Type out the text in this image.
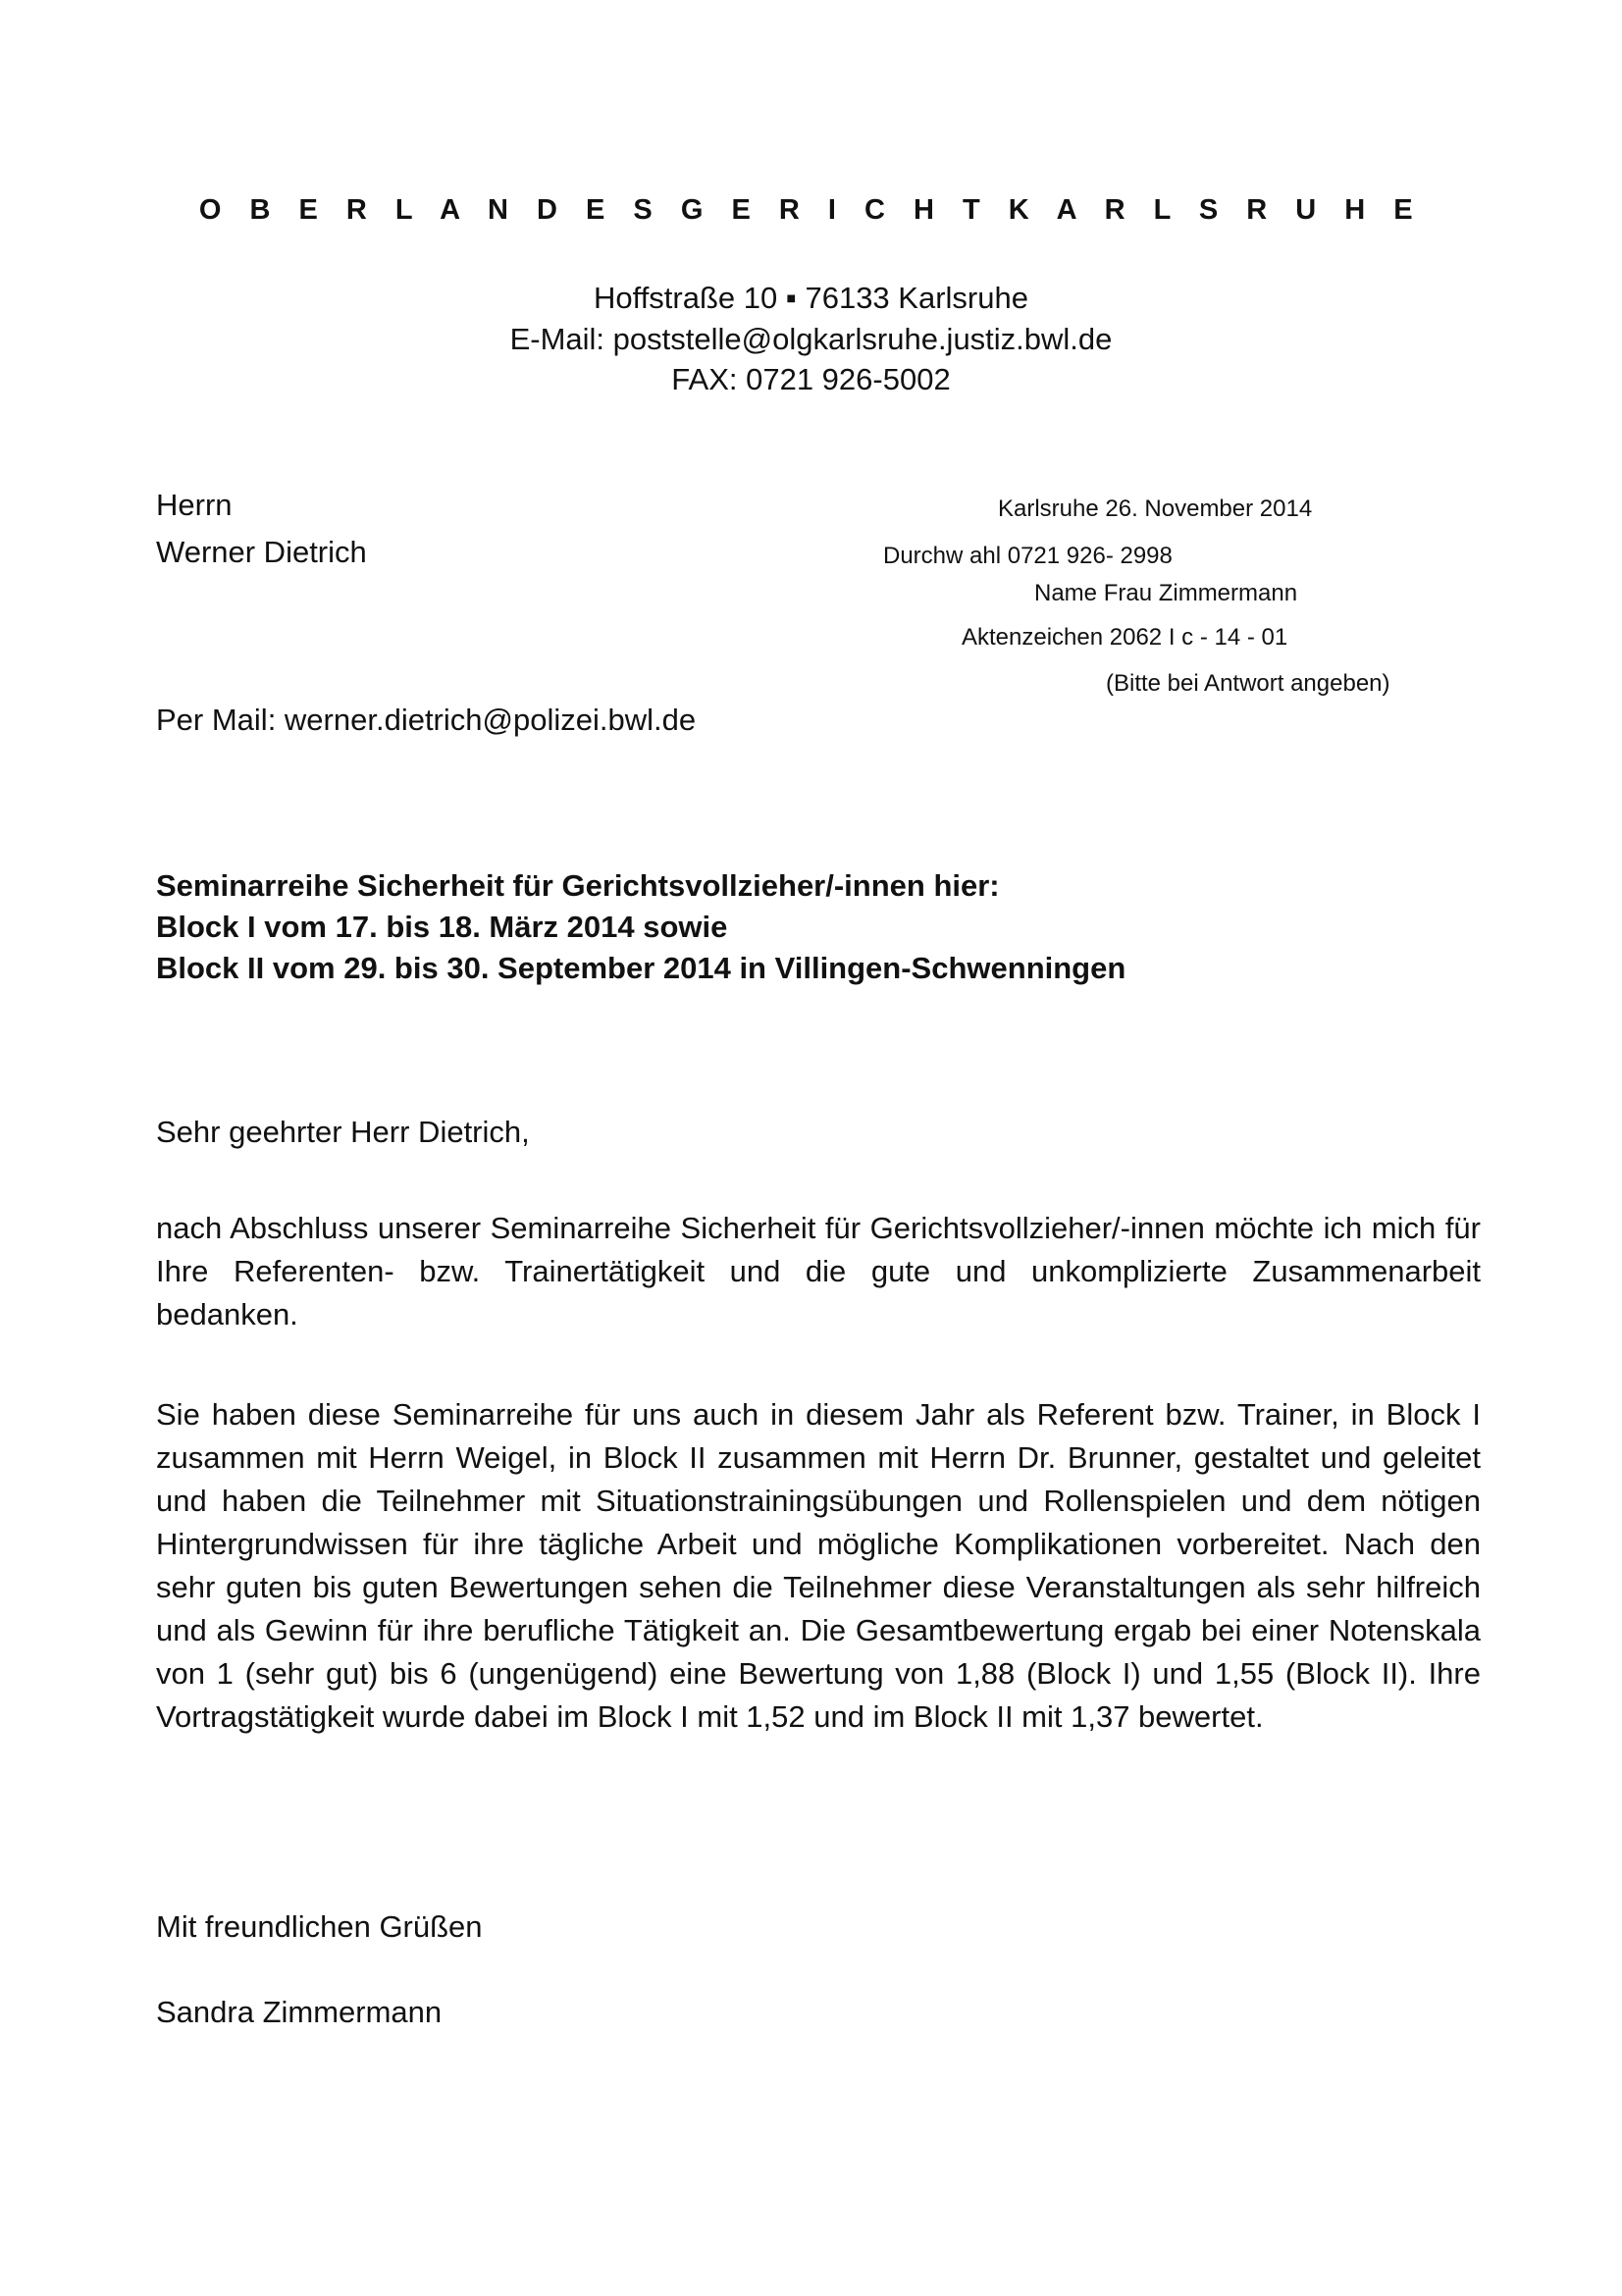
O B E R L A N D E S G E R I C H T K A R L S R U H E
Hoffstraße 10 ▪ 76133 Karlsruhe
E-Mail: poststelle@olgkarlsruhe.justiz.bwl.de
FAX: 0721 926-5002
Herrn
Werner Dietrich
Per Mail: werner.dietrich@polizei.bwl.de
Karlsruhe 26. November 2014
Durchw ahl 0721 926- 2998
Name Frau Zimmermann
Aktenzeichen 2062 I c - 14 - 01
(Bitte bei Antwort angeben)
Seminarreihe Sicherheit für Gerichtsvollzieher/-innen hier:
Block I vom 17. bis 18. März 2014 sowie
Block II vom 29. bis 30. September 2014 in Villingen-Schwenningen
Sehr geehrter Herr Dietrich,
nach Abschluss unserer Seminarreihe Sicherheit für Gerichtsvollzieher/-innen möchte ich mich für Ihre Referenten- bzw. Trainertätigkeit und die gute und unkomplizierte Zusammenarbeit bedanken.
Sie haben diese Seminarreihe für uns auch in diesem Jahr als Referent bzw. Trainer, in Block I zusammen mit Herrn Weigel, in Block II zusammen mit Herrn Dr. Brunner, gestaltet und geleitet und haben die Teilnehmer mit Situationstrainingsübungen und Rollenspielen und dem nötigen Hintergrundwissen für ihre tägliche Arbeit und mögliche Komplikationen vorbereitet. Nach den sehr guten bis guten Bewertungen sehen die Teilnehmer diese Veranstaltungen als sehr hilfreich und als Gewinn für ihre berufliche Tätigkeit an. Die Gesamtbewertung ergab bei einer Notenskala von 1 (sehr gut) bis 6 (ungenügend) eine Bewertung von 1,88 (Block I) und 1,55 (Block II). Ihre Vortragstätigkeit wurde dabei im Block I mit 1,52 und im Block II mit 1,37 bewertet.
Mit freundlichen Grüßen
Sandra Zimmermann
